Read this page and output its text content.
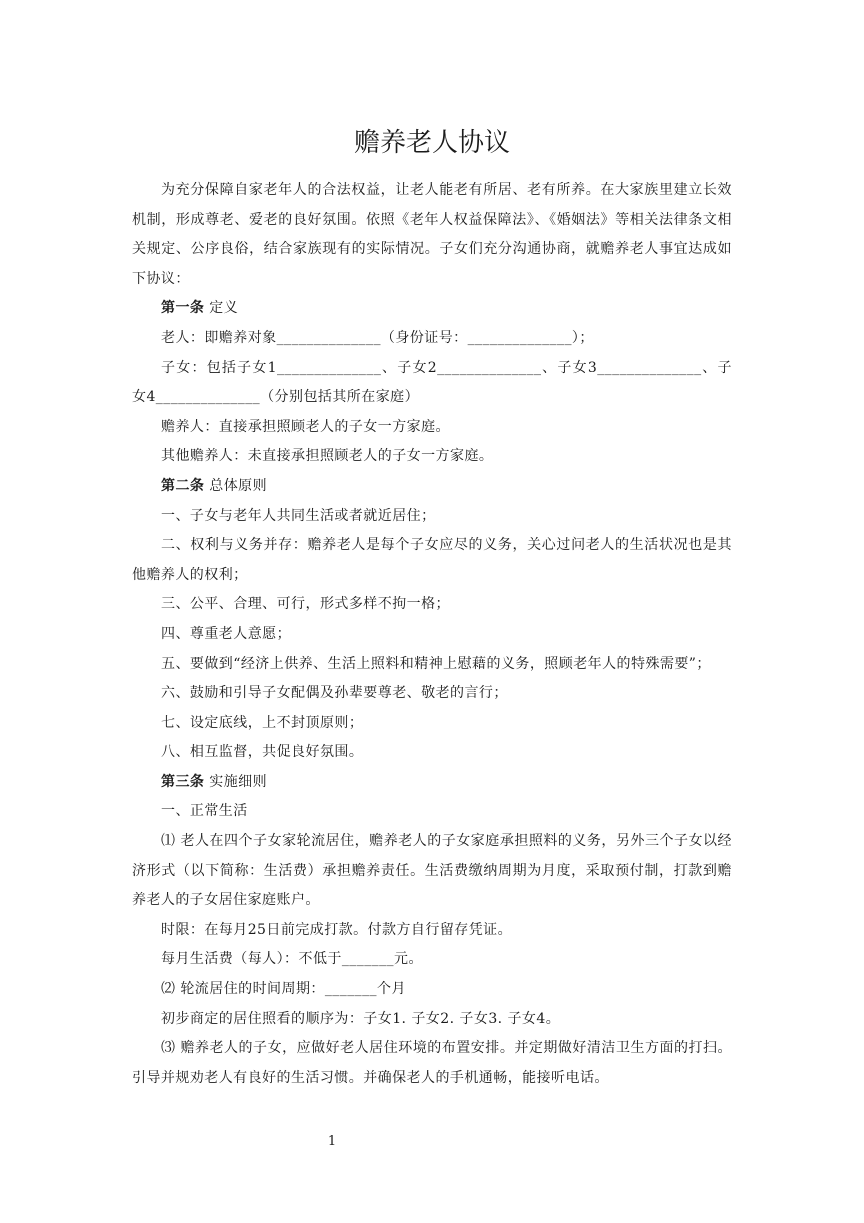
赡养老人协议

为充分保障自家老年人的合法权益，让老人能老有所居、老有所养。在大家族里建立长效机制，形成尊老、爱老的良好氛围。依照《老年人权益保障法》、《婚姻法》等相关法律条文相关规定、公序良俗，结合家族现有的实际情况。子女们充分沟通协商，就赡养老人事宜达成如下协议：

第一条 定义

老人：即赡养对象______________（身份证号：______________）；

子女：包括子女1______________、子女2______________、子女3______________、子女4______________（分别包括其所在家庭）

赡养人：直接承担照顾老人的子女一方家庭。

其他赡养人：未直接承担照顾老人的子女一方家庭。

第二条 总体原则

一、子女与老年人共同生活或者就近居住；

二、权利与义务并存：赡养老人是每个子女应尽的义务，关心过问老人的生活状况也是其他赡养人的权利；

三、公平、合理、可行，形式多样不拘一格；

四、尊重老人意愿；

五、要做到“经济上供养、生活上照料和精神上慰藉的义务，照顾老年人的特殊需要”；

六、鼓励和引导子女配偶及孙辈要尊老、敬老的言行；

七、设定底线，上不封顶原则；

八、相互监督，共促良好氛围。

第三条 实施细则

一、正常生活

⑴ 老人在四个子女家轮流居住，赡养老人的子女家庭承担照料的义务，另外三个子女以经济形式（以下简称：生活费）承担赡养责任。生活费缴纳周期为月度，采取预付制，打款到赡养老人的子女居住家庭账户。

时限：在每月25日前完成打款。付款方自行留存凭证。

每月生活费（每人）：不低于_______元。

⑵ 轮流居住的时间周期：_______个月

初步商定的居住照看的顺序为：子女1. 子女2. 子女3. 子女4。

⑶ 赡养老人的子女，应做好老人居住环境的布置安排。并定期做好清洁卫生方面的打扫。引导并规劝老人有良好的生活习惯。并确保老人的手机通畅，能接听电话。

1
